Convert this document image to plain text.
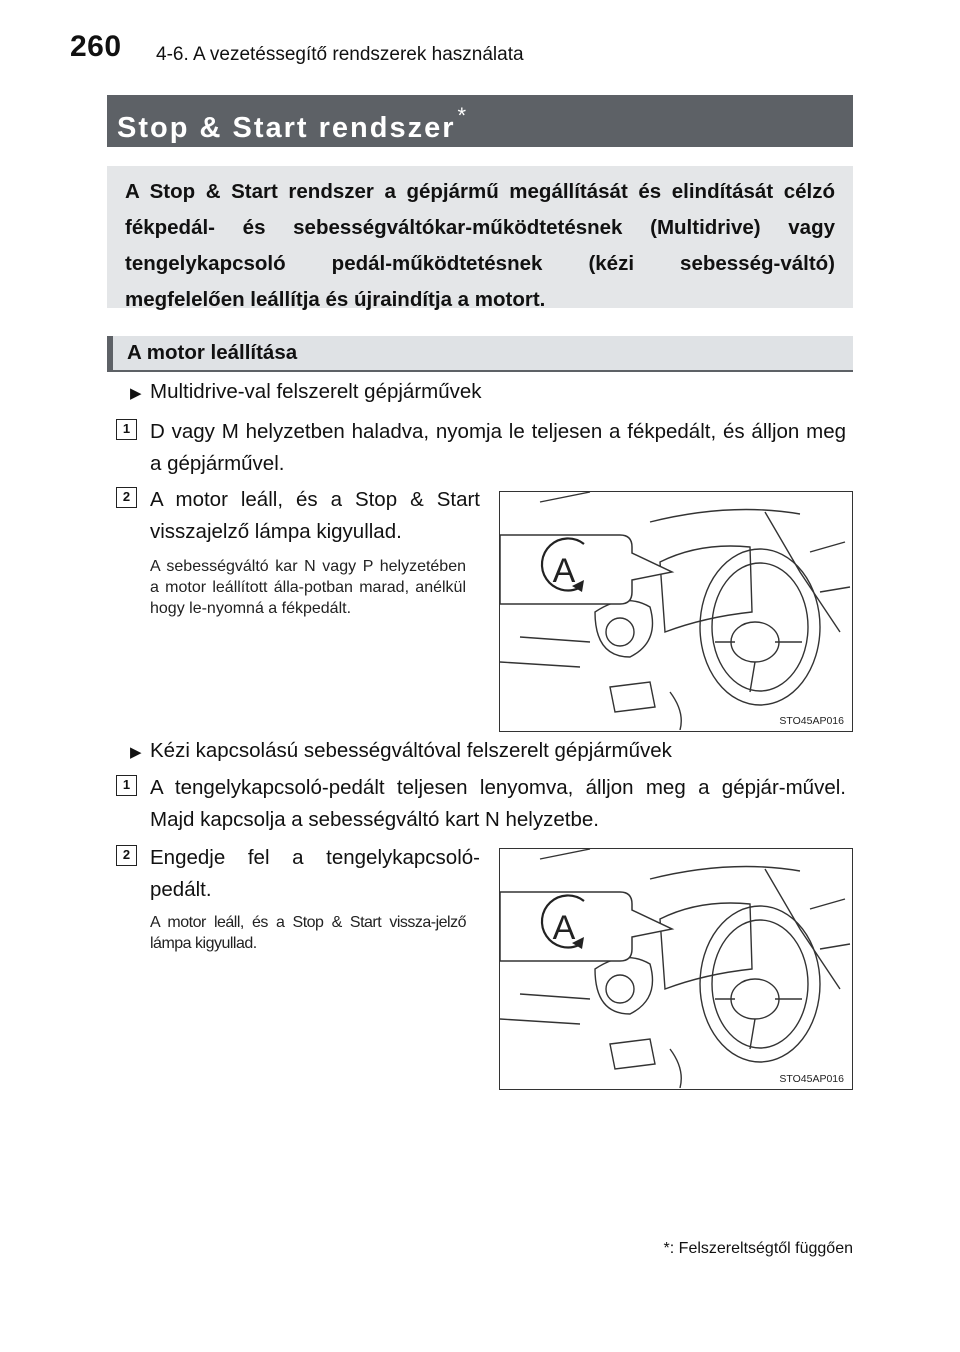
260 4-6. A vezetéssegítő rendszerek használata
Stop & Start rendszer*
A Stop & Start rendszer a gépjármű megállítását és elindítását célzó fékpedál- és sebességváltókar-működtetésnek (Multidrive) vagy tengelykapcsoló pedál-működtetésnek (kézi sebesség-váltó) megfelelően leállítja és újraindítja a motort.
A motor leállítása
▶ Multidrive-val felszerelt gépjárművek
1 D vagy M helyzetben haladva, nyomja le teljesen a fékpedált, és álljon meg a gépjárművel.
2 A motor leáll, és a Stop & Start visszajelző lámpa kigyullad.
A sebességváltó kar N vagy P helyzetében a motor leállított álla-potban marad, anélkül hogy le-nyomná a fékpedált.
A
STO45AP016
▶ Kézi kapcsolású sebességváltóval felszerelt gépjárművek
1 A tengelykapcsoló-pedált teljesen lenyomva, álljon meg a gépjár-művel. Majd kapcsolja a sebességváltó kart N helyzetbe.
2 Engedje fel a tengelykapcsoló-pedált.
A motor leáll, és a Stop & Start vissza-jelző lámpa kigyullad.	A
STO45AP016
*: Felszereltségtől függően
